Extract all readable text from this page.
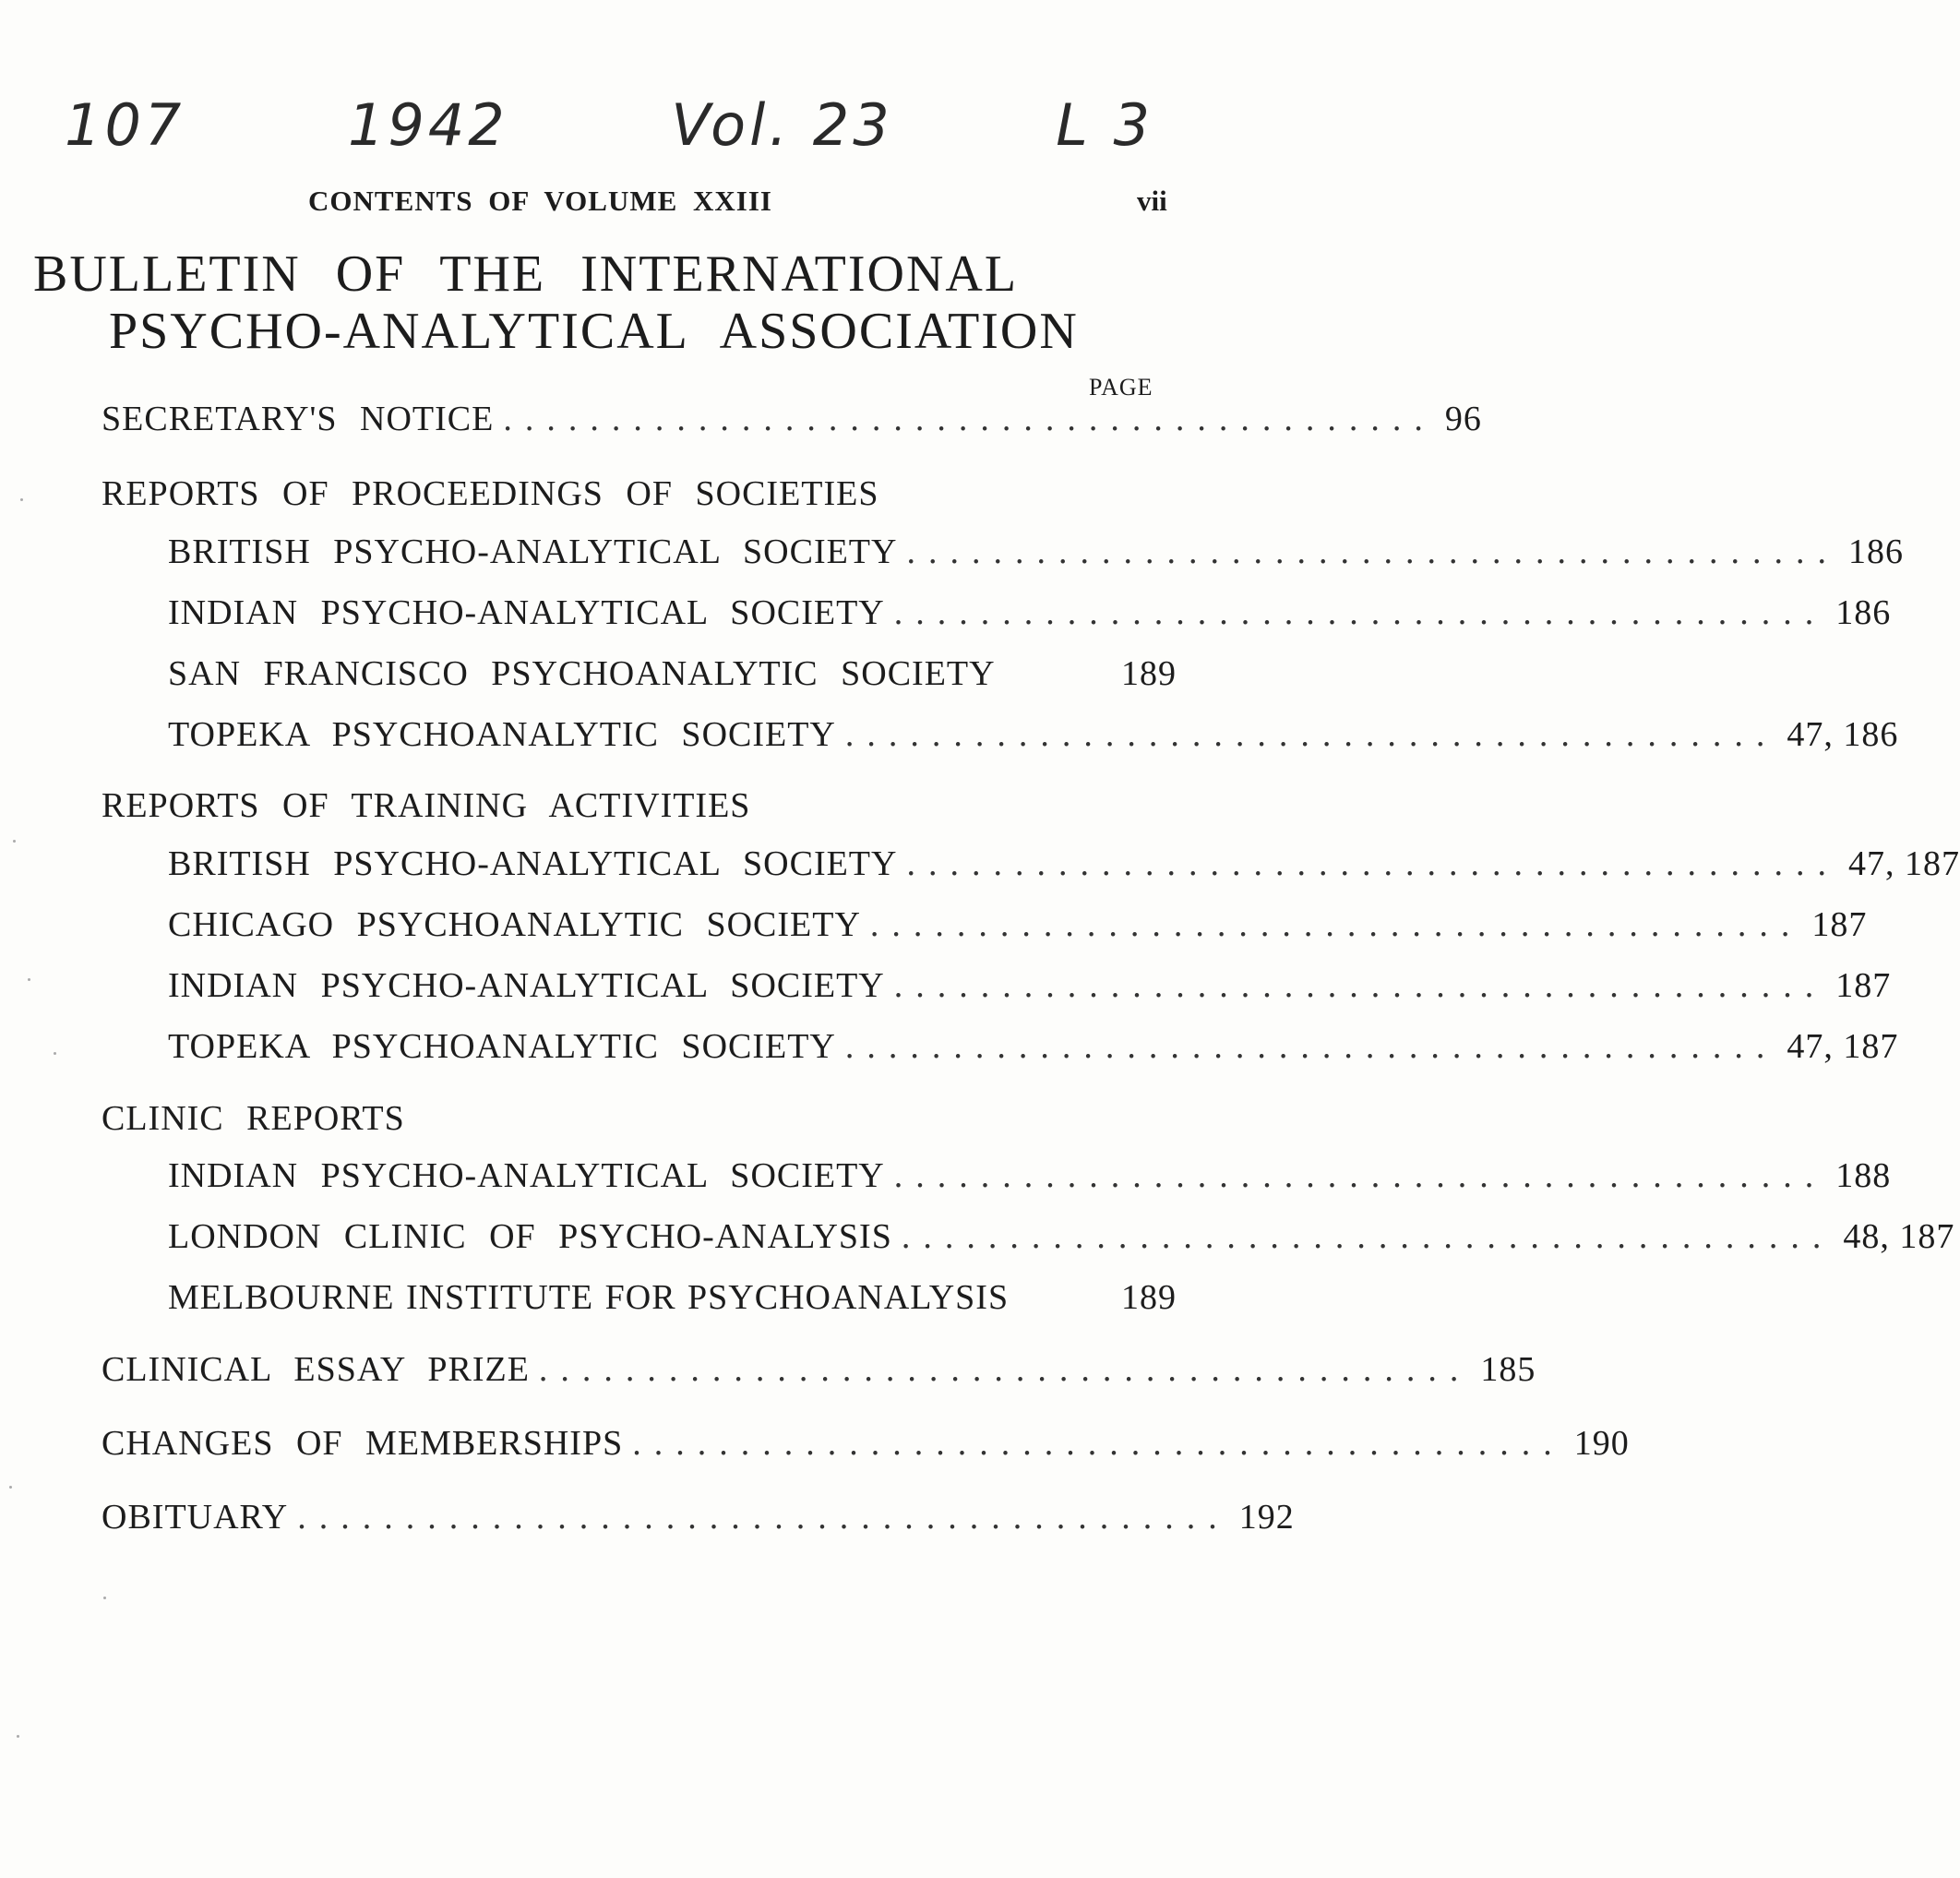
107	1942	Vol. 23	L 3
CONTENTS OF VOLUME XXIII	vii
BULLETIN OF THE INTERNATIONAL
PSYCHO-ANALYTICAL ASSOCIATION
PAGE
SECRETARY'S NOTICE ........................................... 96
REPORTS OF PROCEEDINGS OF SOCIETIES
BRITISH PSYCHO-ANALYTICAL SOCIETY ........................................... 186
INDIAN PSYCHO-ANALYTICAL SOCIETY ........................................... 186
SAN FRANCISCO PSYCHOANALYTIC SOCIETY	189
TOPEKA PSYCHOANALYTIC SOCIETY ........................................... 47, 186
REPORTS OF TRAINING ACTIVITIES
BRITISH PSYCHO-ANALYTICAL SOCIETY ........................................... 47, 187
CHICAGO PSYCHOANALYTIC SOCIETY ........................................... 187
INDIAN PSYCHO-ANALYTICAL SOCIETY ........................................... 187
TOPEKA PSYCHOANALYTIC SOCIETY ........................................... 47, 187
CLINIC REPORTS
INDIAN PSYCHO-ANALYTICAL SOCIETY ........................................... 188
LONDON CLINIC OF PSYCHO-ANALYSIS ........................................... 48, 187
MELBOURNE INSTITUTE FOR PSYCHOANALYSIS	189
CLINICAL ESSAY PRIZE ........................................... 185
CHANGES OF MEMBERSHIPS ........................................... 190
OBITUARY ........................................... 192
